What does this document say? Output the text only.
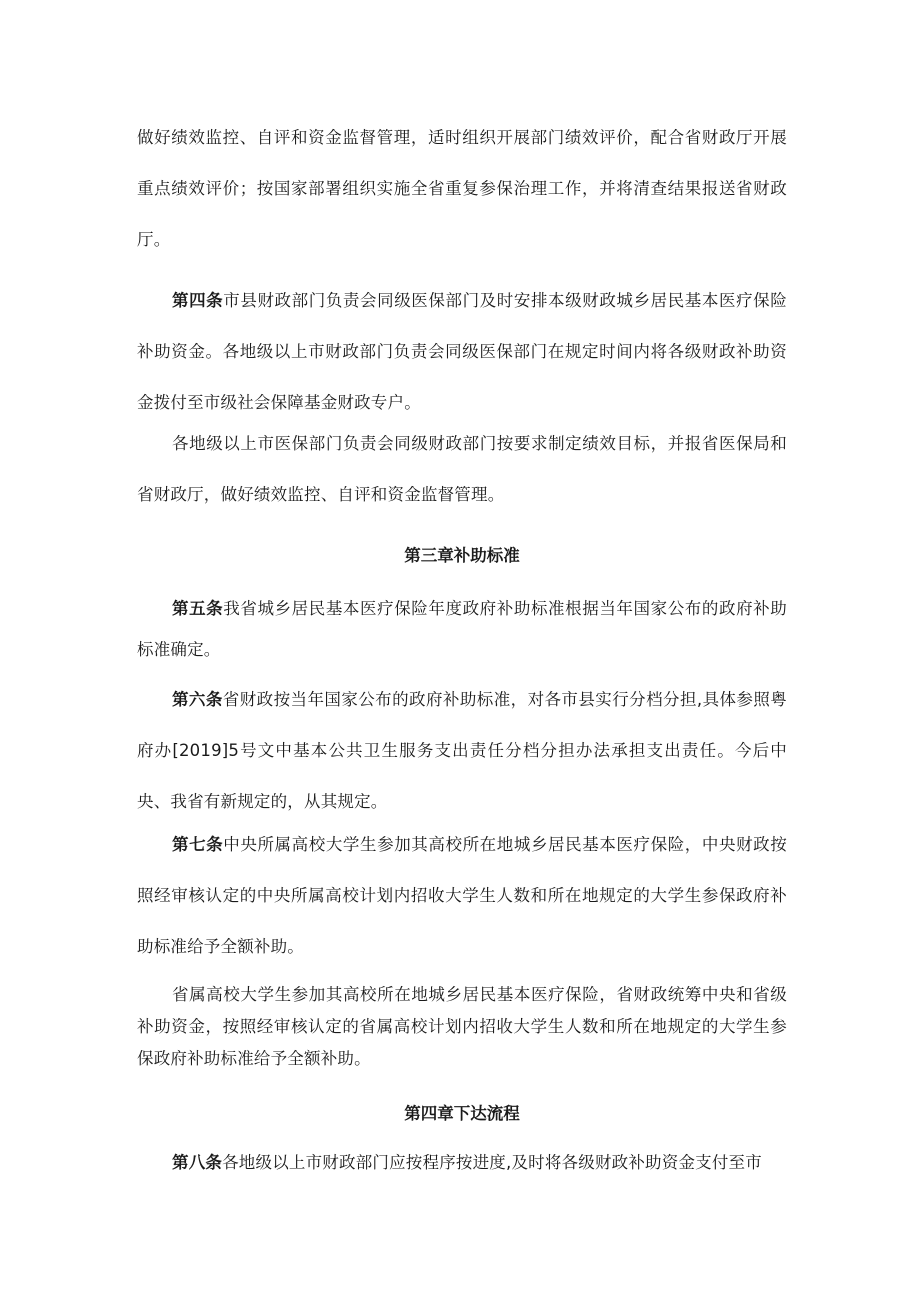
做好绩效监控、自评和资金监督管理，适时组织开展部门绩效评价，配合省财政厅开展重点绩效评价；按国家部署组织实施全省重复参保治理工作，并将清查结果报送省财政厅。

第四条市县财政部门负责会同级医保部门及时安排本级财政城乡居民基本医疗保险补助资金。各地级以上市财政部门负责会同级医保部门在规定时间内将各级财政补助资金拨付至市级社会保障基金财政专户。

各地级以上市医保部门负责会同级财政部门按要求制定绩效目标，并报省医保局和省财政厅，做好绩效监控、自评和资金监督管理。

第三章补助标准

第五条我省城乡居民基本医疗保险年度政府补助标准根据当年国家公布的政府补助标准确定。

第六条省财政按当年国家公布的政府补助标准，对各市县实行分档分担,具体参照粤府办[2019]5号文中基本公共卫生服务支出责任分档分担办法承担支出责任。今后中央、我省有新规定的，从其规定。

第七条中央所属高校大学生参加其高校所在地城乡居民基本医疗保险，中央财政按照经审核认定的中央所属高校计划内招收大学生人数和所在地规定的大学生参保政府补助标准给予全额补助。

省属高校大学生参加其高校所在地城乡居民基本医疗保险，省财政统筹中央和省级补助资金，按照经审核认定的省属高校计划内招收大学生人数和所在地规定的大学生参保政府补助标准给予全额补助。

第四章下达流程

第八条各地级以上市财政部门应按程序按进度,及时将各级财政补助资金支付至市
